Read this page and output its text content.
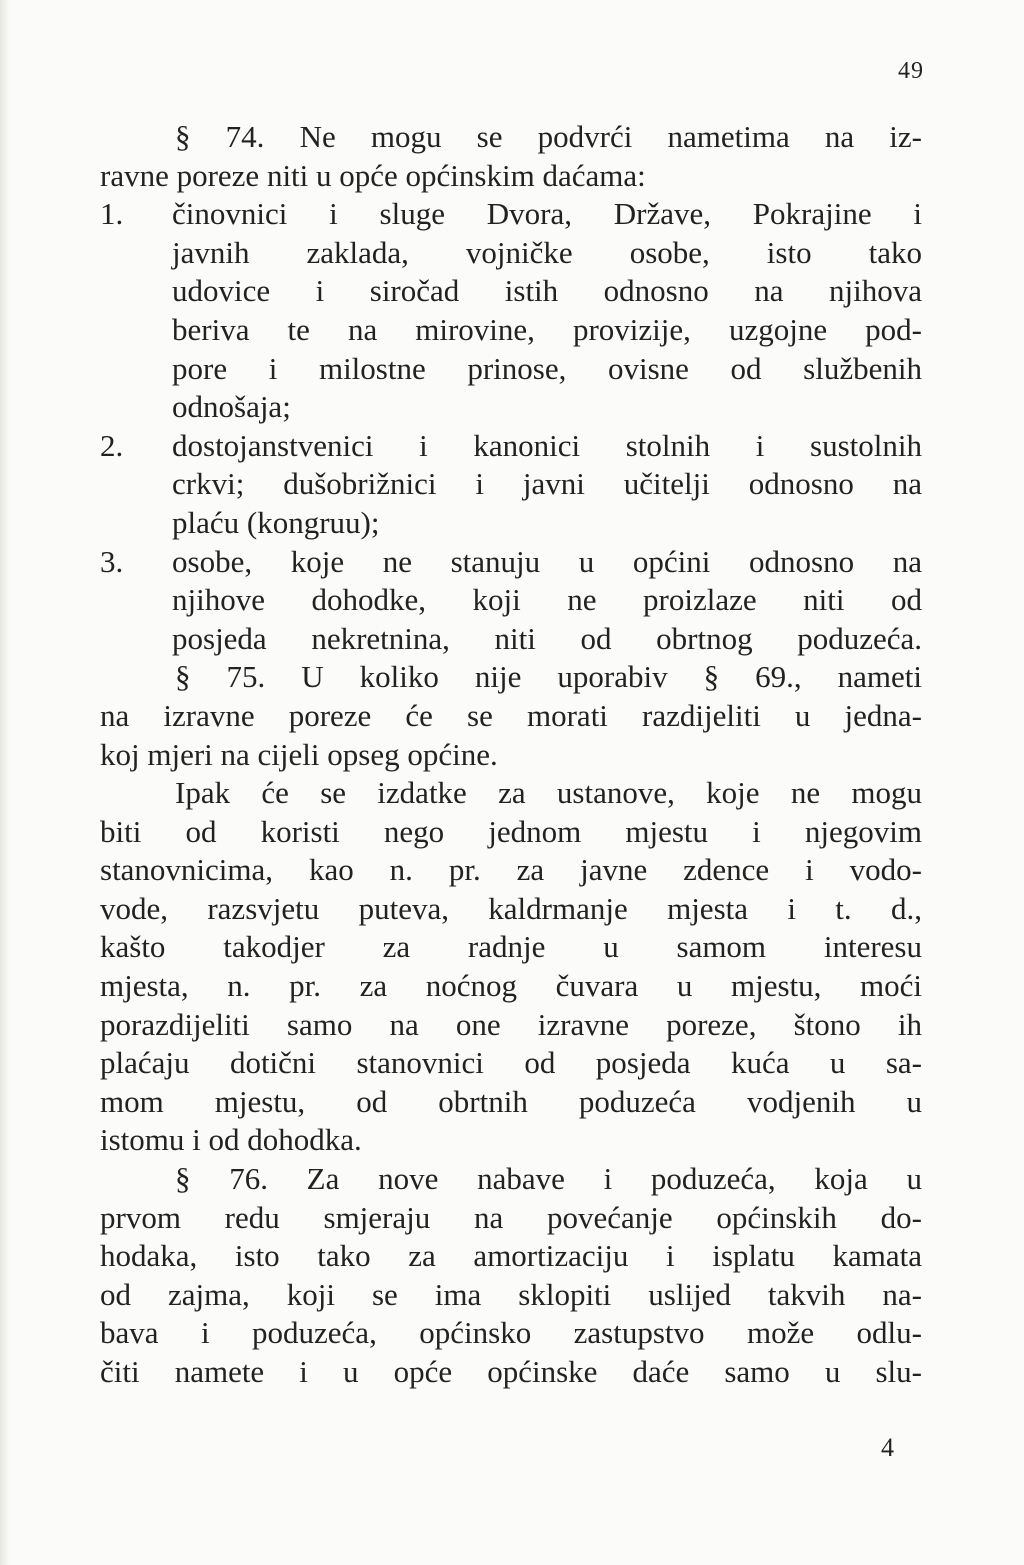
49
§ 74. Ne mogu se podvrći nametima na iz-
ravne poreze niti u opće općinskim daćama:
1.	činovnici i sluge Dvora, Države, Pokrajine i
javnih zaklada, vojničke osobe, isto tako
udovice i siročad istih odnosno na njihova
beriva te na mirovine, provizije, uzgojne pod-
pore i milostne prinose, ovisne od službenih
odnošaja;
2.	dostojanstvenici i kanonici stolnih i sustolnih
crkvi; dušobrižnici i javni učitelji odnosno na
plaću (kongruu);
3.	osobe, koje ne stanuju u općini odnosno na
njihove dohodke, koji ne proizlaze niti od
posjeda nekretnina, niti od obrtnog poduzeća.
§ 75. U koliko nije uporabiv § 69., nameti
na izravne poreze će se morati razdijeliti u jedna-
koj mjeri na cijeli opseg općine.
Ipak će se izdatke za ustanove, koje ne mogu
biti od koristi nego jednom mjestu i njegovim
stanovnicima, kao n. pr. za javne zdence i vodo-
vode, razsvjetu puteva, kaldrmanje mjesta i t. d.,
kašto takodjer za radnje u samom interesu
mjesta, n. pr. za noćnog čuvara u mjestu, moći
porazdijeliti samo na one izravne poreze, štono ih
plaćaju dotični stanovnici od posjeda kuća u sa-
mom mjestu, od obrtnih poduzeća vodjenih u
istomu i od dohodka.
§ 76. Za nove nabave i poduzeća, koja u
prvom redu smjeraju na povećanje općinskih do-
hodaka, isto tako za amortizaciju i isplatu kamata
od zajma, koji se ima sklopiti uslijed takvih na-
bava i poduzeća, općinsko zastupstvo može odlu-
čiti namete i u opće općinske daće samo u slu-
4
